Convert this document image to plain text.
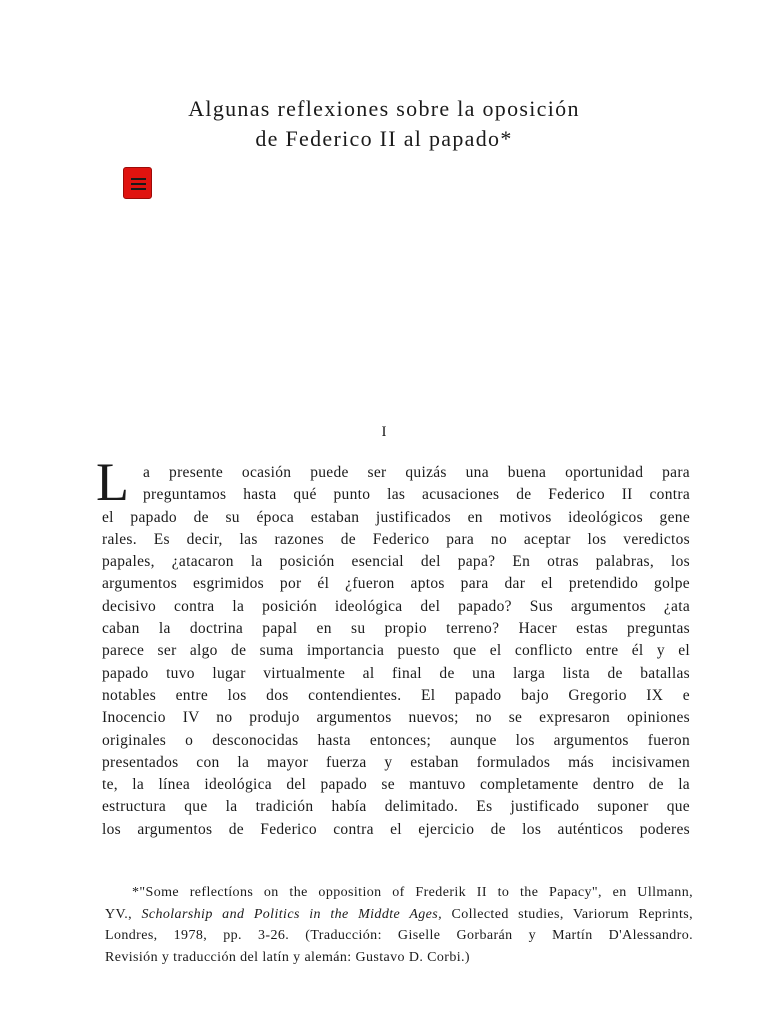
Algunas reflexiones sobre la oposición
de Federico II al papado*
I
L a presente ocasión puede ser quizás una buena oportunidad para
preguntamos hasta qué punto las acusaciones de Federico II contra
el papado de su época estaban justificados en motivos ideológicos gene
rales. Es decir, las razones de Federico para no aceptar los veredictos
papales, ¿atacaron la posición esencial del papa? En otras palabras, los
argumentos esgrimidos por él ¿fueron aptos para dar el pretendido golpe
decisivo contra la posición ideológica del papado? Sus argumentos ¿ata
caban la doctrina papal en su propio terreno? Hacer estas preguntas
parece ser algo de suma importancia puesto que el conflicto entre él y el
papado tuvo lugar virtualmente al final de una larga lista de batallas
notables entre los dos contendientes. El papado bajo Gregorio IX e
Inocencio IV no produjo argumentos nuevos; no se expresaron opiniones
originales o desconocidas hasta entonces; aunque los argumentos fueron
presentados con la mayor fuerza y estaban formulados más incisivamen
te, la línea ideológica del papado se mantuvo completamente dentro de la
estructura que la tradición había delimitado. Es justificado suponer que
los argumentos de Federico contra el ejercicio de los auténticos poderes
*"Some reflectíons on the opposition of Frederik II to the Papacy", en Ullmann,
YV., Scholarship and Politics in the Middte Ages, Collected studies, Variorum Reprints,
Londres, 1978, pp. 3-26. (Traducción: Giselle Gorbarán y Martín D'Alessandro.
Revisión y traducción del latín y alemán: Gustavo D. Corbi.)
